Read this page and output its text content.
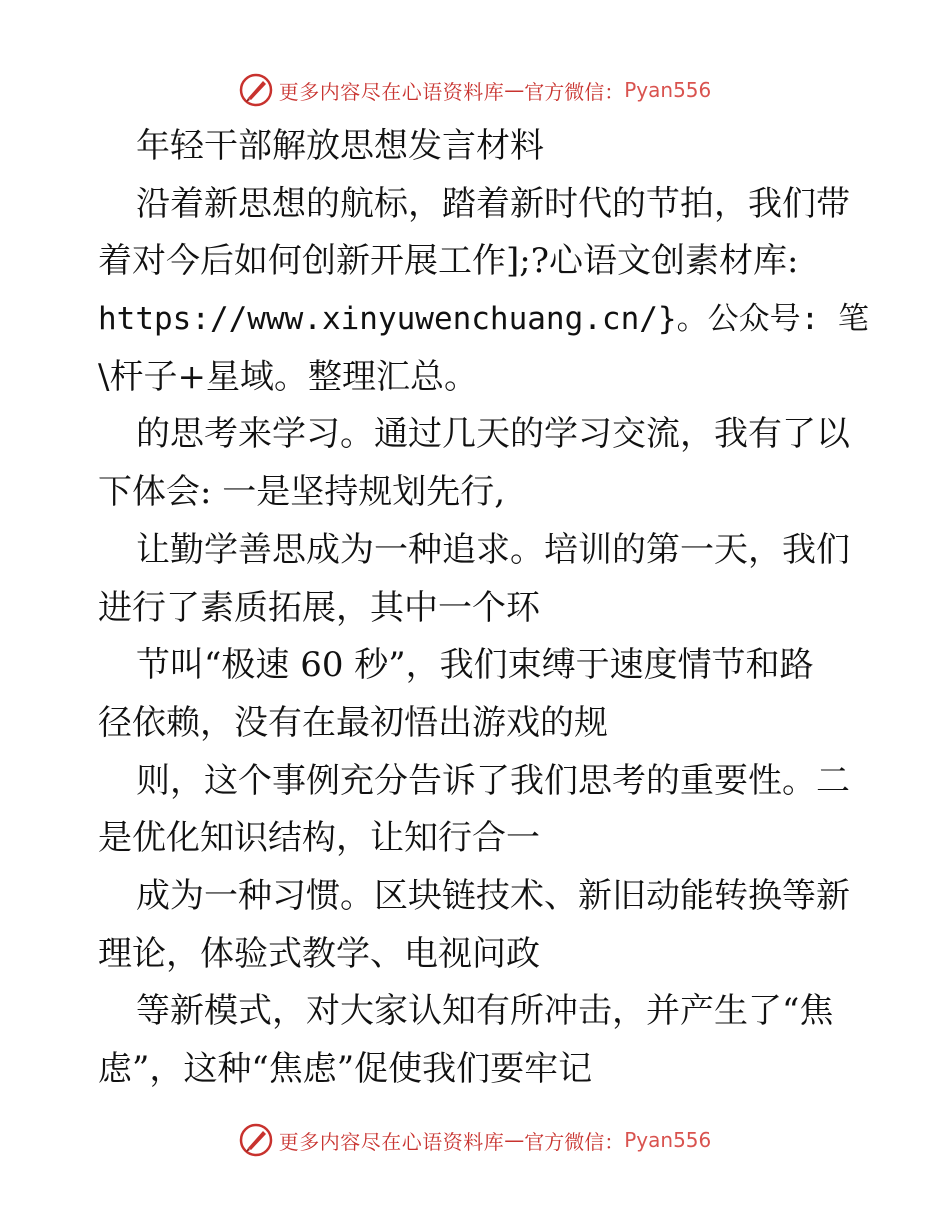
更多内容尽在心语资料库 — 官方微信： Pyan556
年轻干部解放思想发言材料
沿着新思想的航标，踏着新时代的节拍，我们带
着对今后如何创新开展工作];?心语文创素材库:
https://www.xinyuwenchuang.cn/}。公众号: 笔
\杆子+星域。整理汇总。
的思考来学习。通过几天的学习交流，我有了以
下体会: 一是坚持规划先行,
让勤学善思成为一种追求。培训的第一天，我们
进行了素质拓展，其中一个环
节叫“极速 60 秒”，我们束缚于速度情节和路
径依赖，没有在最初悟出游戏的规
则，这个事例充分告诉了我们思考的重要性。二
是优化知识结构，让知行合一
成为一种习惯。区块链技术、新旧动能转换等新
理论，体验式教学、电视问政
等新模式，对大家认知有所冲击，并产生了“焦
虑”，这种“焦虑”促使我们要牢记
更多内容尽在心语资料库 — 官方微信： Pyan556
